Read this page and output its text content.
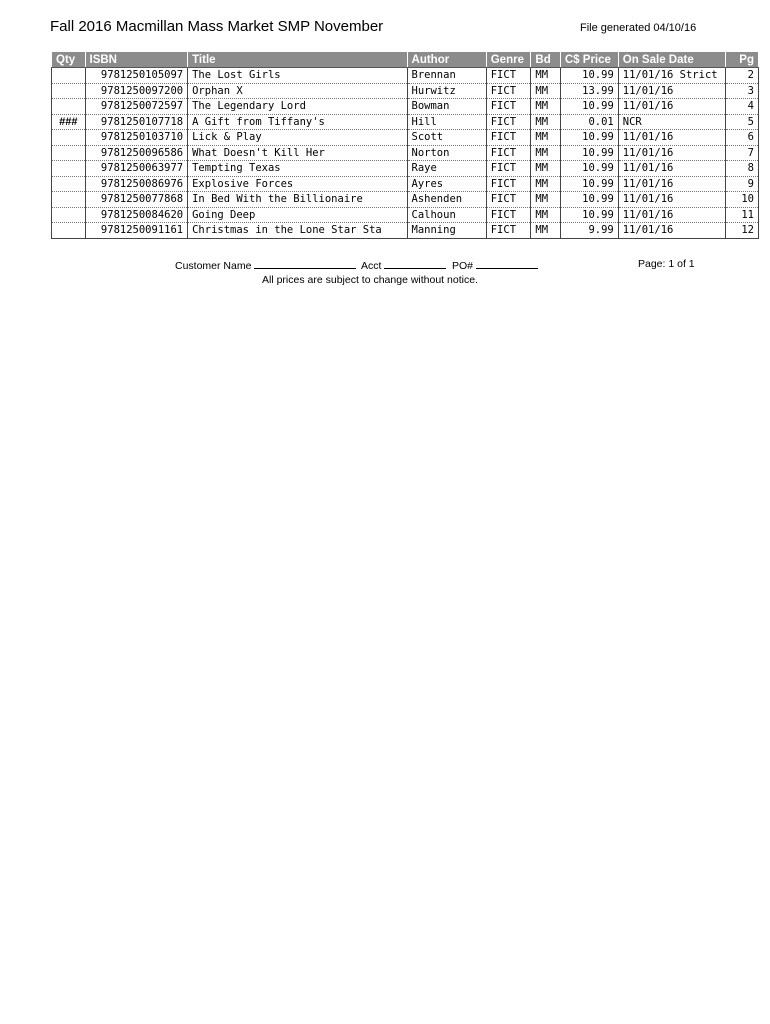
Fall 2016 Macmillan Mass Market SMP November	File generated 04/10/16
Qty	ISBN	Title	Author	Genre	Bd	C$ Price	On Sale Date	Pg
	9781250105097	The Lost Girls	Brennan	FICT	MM	10.99	11/01/16 Strict	2
	9781250097200	Orphan X	Hurwitz	FICT	MM	13.99	11/01/16	3
	9781250072597	The Legendary Lord	Bowman	FICT	MM	10.99	11/01/16	4
###	9781250107718	A Gift from Tiffany's	Hill	FICT	MM	0.01	NCR	5
	9781250103710	Lick & Play	Scott	FICT	MM	10.99	11/01/16	6
	9781250096586	What Doesn't Kill Her	Norton	FICT	MM	10.99	11/01/16	7
	9781250063977	Tempting Texas	Raye	FICT	MM	10.99	11/01/16	8
	9781250086976	Explosive Forces	Ayres	FICT	MM	10.99	11/01/16	9
	9781250077868	In Bed With the Billionaire	Ashenden	FICT	MM	10.99	11/01/16	10
	9781250084620	Going Deep	Calhoun	FICT	MM	10.99	11/01/16	11
	9781250091161	Christmas in the Lone Star Sta	Manning	FICT	MM	9.99	11/01/16	12
Customer Name	Acct	PO#	Page: 1 of 1
All prices are subject to change without notice.
